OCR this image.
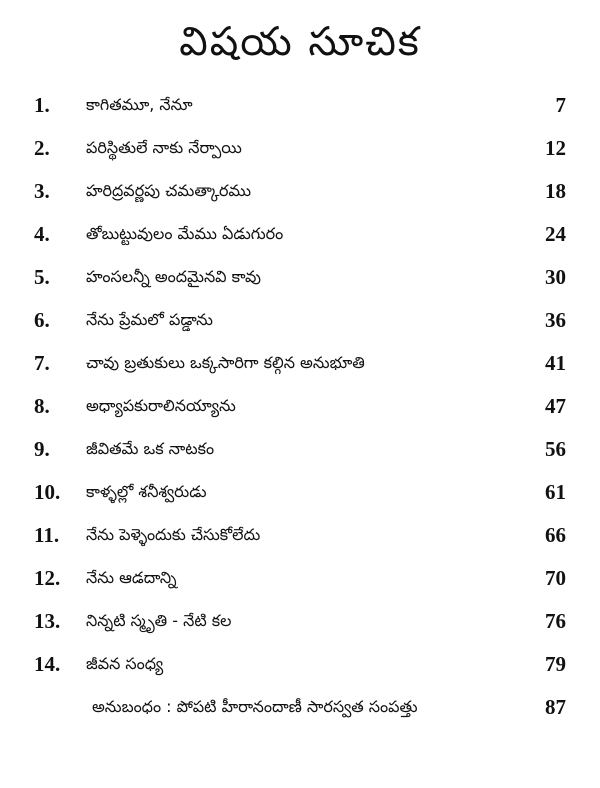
విషయ సూచిక
1.	కాగితమూ, నేనూ	7
2.	పరిస్థితులే నాకు నేర్పాయి	12
3.	హరిద్రవర్ణపు చమత్కారము	18
4.	తోబుట్టువులం మేము ఏడుగురం	24
5.	హంసలన్నీ అందమైనవి కావు	30
6.	నేను ప్రేమలో పడ్డాను	36
7.	చావు బ్రతుకులు ఒక్కసారిగా కల్గిన అనుభూతి	41
8.	అధ్యాపకురాలినయ్యాను	47
9.	జీవితమే ఒక నాటకం	56
10.	కాళ్ళల్లో శనీశ్వరుడు	61
11.	నేను పెళ్ళెందుకు చేసుకోలేదు	66
12.	నేను ఆడదాన్ని	70
13.	నిన్నటి స్మృతి - నేటి కల	76
14.	జీవన సంధ్య	79
అనుబంధం : పోపటి హీరానందాణీ సారస్వత సంపత్తు	87
